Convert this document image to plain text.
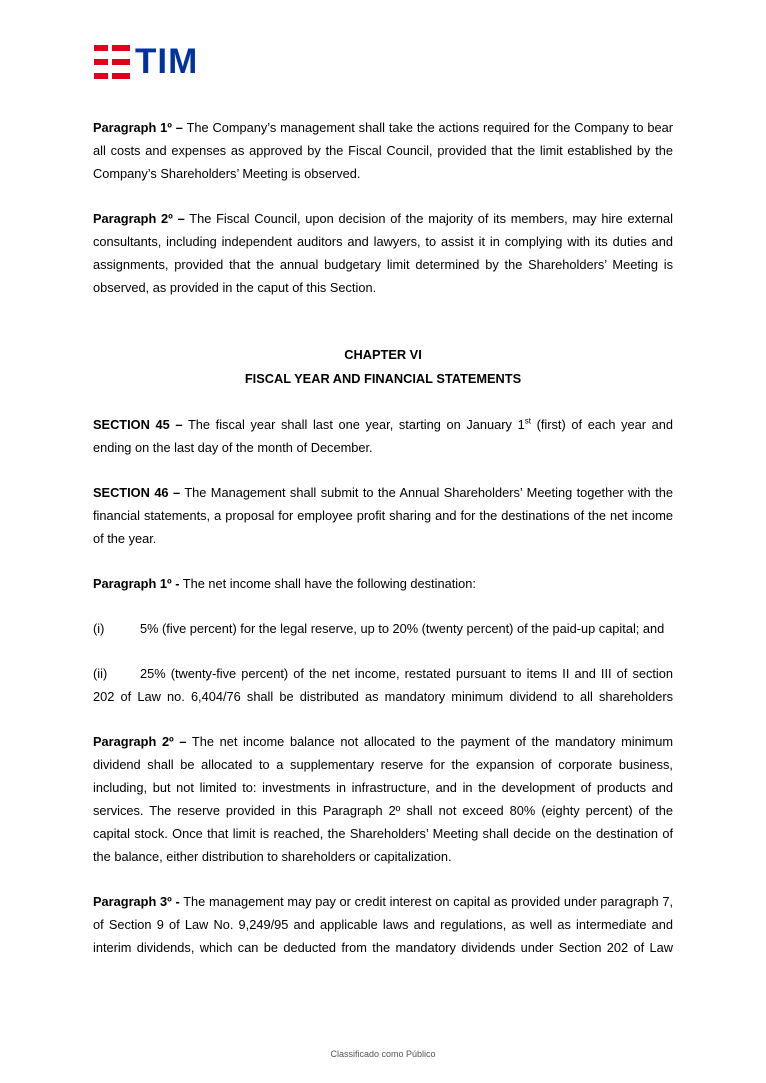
TIM

Paragraph 1º – The Company’s management shall take the actions required for the Company to bear all costs and expenses as approved by the Fiscal Council, provided that the limit established by the Company’s Shareholders’ Meeting is observed.

Paragraph 2º – The Fiscal Council, upon decision of the majority of its members, may hire external consultants, including independent auditors and lawyers, to assist it in complying with its duties and assignments, provided that the annual budgetary limit determined by the Shareholders’ Meeting is observed, as provided in the caput of this Section.

CHAPTER VI
FISCAL YEAR AND FINANCIAL STATEMENTS

SECTION 45 – The fiscal year shall last one year, starting on January 1st (first) of each year and ending on the last day of the month of December.

SECTION 46 – The Management shall submit to the Annual Shareholders’ Meeting together with the financial statements, a proposal for employee profit sharing and for the destinations of the net income of the year.

Paragraph 1º - The net income shall have the following destination:

(i)	5% (five percent) for the legal reserve, up to 20% (twenty percent) of the paid-up capital; and
(ii)	25% (twenty-five percent) of the net income, restated pursuant to items II and III of section

202 of Law no. 6,404/76 shall be distributed as mandatory minimum dividend to all shareholders

Paragraph 2º – The net income balance not allocated to the payment of the mandatory minimum dividend shall be allocated to a supplementary reserve for the expansion of corporate business, including, but not limited to: investments in infrastructure, and in the development of products and services. The reserve provided in this Paragraph 2º shall not exceed 80% (eighty percent) of the capital stock. Once that limit is reached, the Shareholders’ Meeting shall decide on the destination of the balance, either distribution to shareholders or capitalization.

Paragraph 3º - The management may pay or credit interest on capital as provided under paragraph 7, of Section 9 of Law No. 9,249/95 and applicable laws and regulations, as well as intermediate and interim dividends, which can be deducted from the mandatory dividends under Section 202 of Law

Classificado como Público
